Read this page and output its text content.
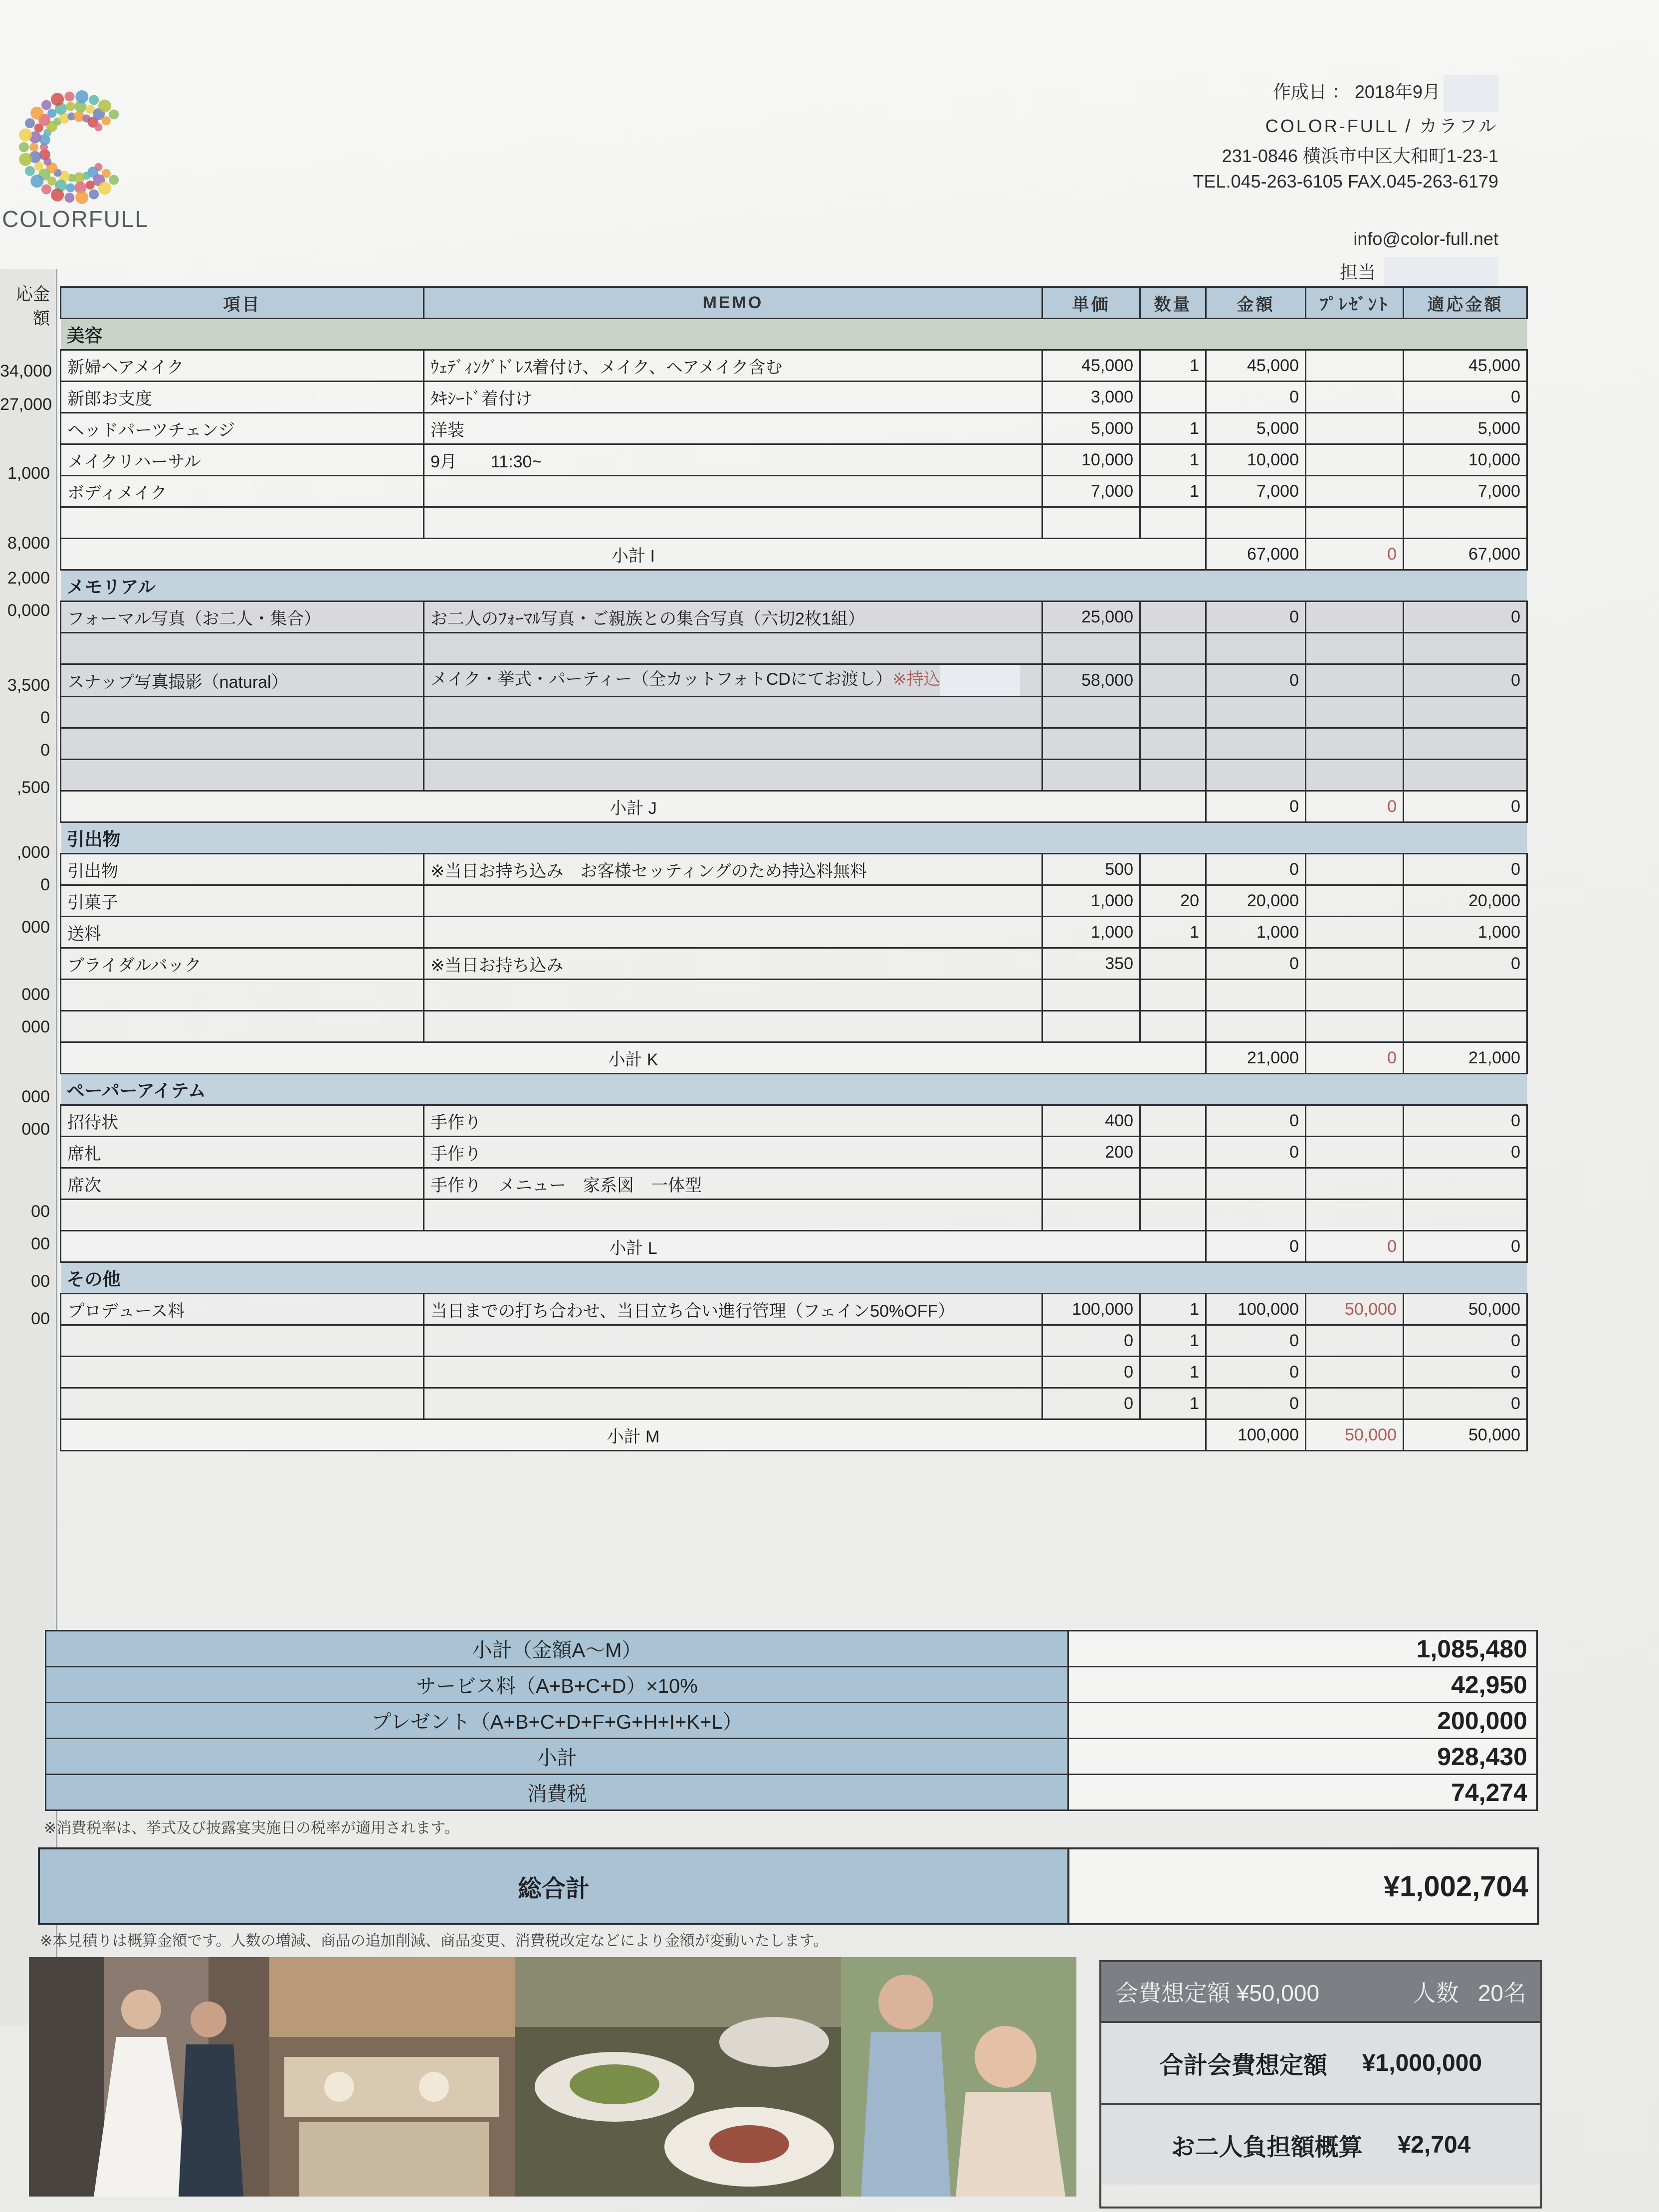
応金額
34,000
27,000
1,000
8,000
2,000
0,000
3,500
0
0
,500
,000
0
000
000
000
000
000
00
00
00
00
COLORFULL
作成日 ： 2018年9月
COLOR-FULL / カラフル
231-0846 横浜市中区大和町1-23-1
TEL.045-263-6105 FAX.045-263-6179
info@color-full.net
担当
項目	MEMO	単価	数量	金額	ﾌﾟﾚｾﾞﾝﾄ	適応金額
美容						
新婦ヘアメイク	ｳｪﾃﾞｨﾝｸﾞﾄﾞﾚｽ着付け、メイク、ヘアメイク含む	45,000	1	45,000		45,000
新郎お支度	ﾀｷｼｰﾄﾞ着付け	3,000		0		0
ヘッドパーツチェンジ	洋装	5,000	1	5,000		5,000
メイクリハーサル	9月　　11:30~	10,000	1	10,000		10,000
ボディメイク		7,000	1	7,000		7,000

小計 I				67,000	0	67,000
メモリアル						
フォーマル写真（お二人・集合）	お二人のﾌｫｰﾏﾙ写真・ご親族との集合写真（六切2枚1組）	25,000		0		0

スナップ写真撮影（natural）	メイク・挙式・パーティー（全カットフォトCDにてお渡し）※持込	58,000		0		0

小計 J				0	0	0
引出物						
引出物	※当日お持ち込み　お客様セッティングのため持込料無料	500		0		0
引菓子		1,000	20	20,000		20,000
送料		1,000	1	1,000		1,000
ブライダルバック	※当日お持ち込み	350		0		0

小計 K				21,000	0	21,000
ペーパーアイテム						
招待状	手作り	400		0		0
席札	手作り	200		0		0
席次	手作り　メニュー　家系図　一体型					

小計 L				0	0	0
その他						
プロデュース料	当日までの打ち合わせ、当日立ち合い進行管理（フェイン50%OFF）	100,000	1	100,000	50,000	50,000
		0	1	0		0
		0	1	0		0
		0	1	0		0
小計 M				100,000	50,000	50,000
小計（金額A～M）	1,085,480
サービス料（A+B+C+D）×10%	42,950
プレゼント（A+B+C+D+F+G+H+I+K+L）	200,000
小計	928,430
消費税	74,274
※消費税率は、挙式及び披露宴実施日の税率が適用されます。
総合計	¥1,002,704
※本見積りは概算金額です。人数の増減、商品の追加削減、商品変更、消費税改定などにより金額が変動いたします。
会費想定額 ¥50,000	人数 20名
合計会費想定額 ¥1,000,000
お二人負担額概算 ¥2,704
